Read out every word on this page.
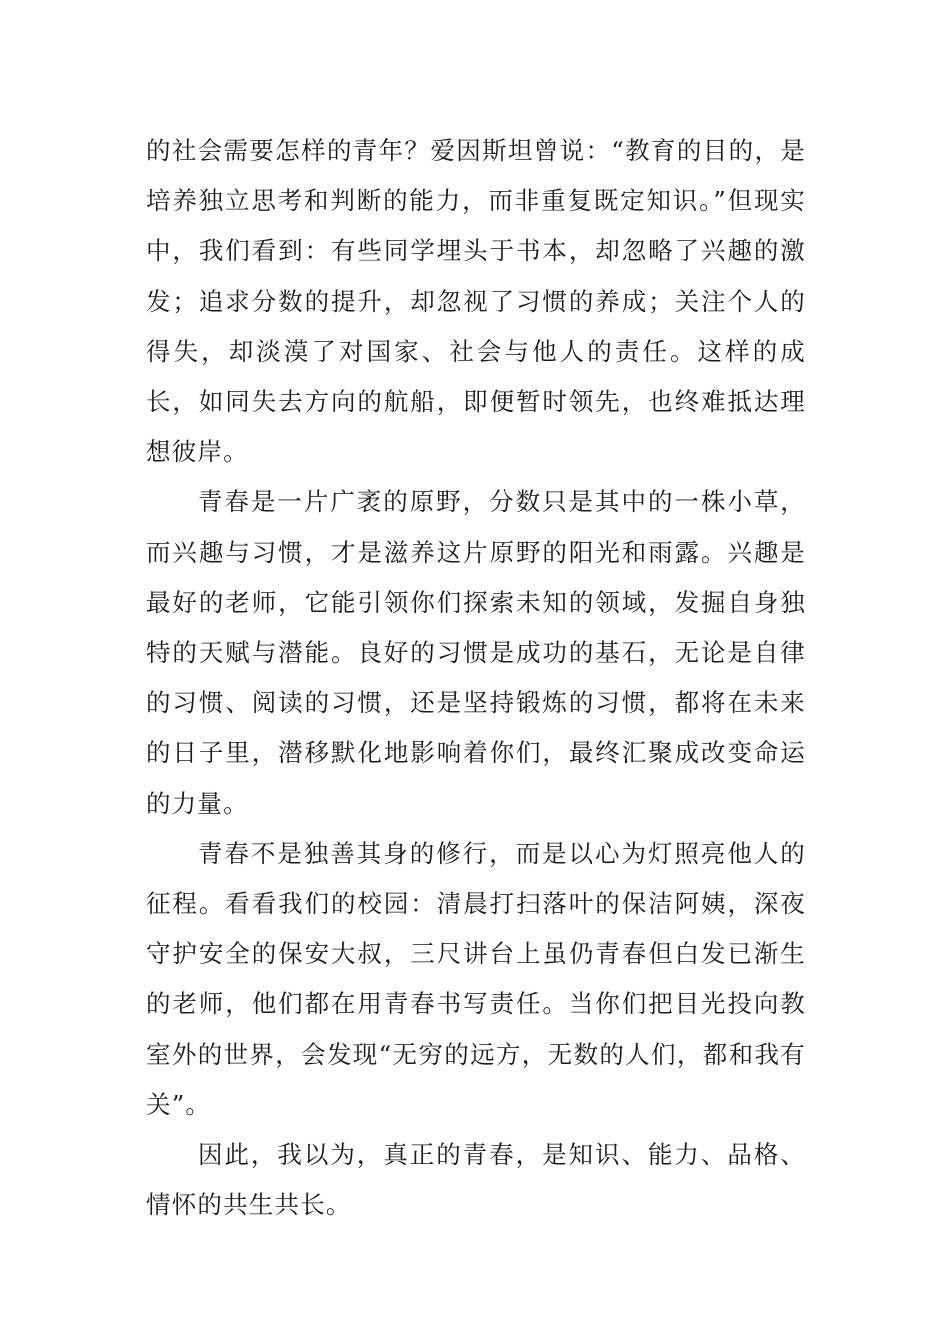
的社会需要怎样的青年？爱因斯坦曾说：“教育的目的，是培养独立思考和判断的能力，而非重复既定知识。”但现实中，我们看到：有些同学埋头于书本，却忽略了兴趣的激发；追求分数的提升，却忽视了习惯的养成；关注个人的得失，却淡漠了对国家、社会与他人的责任。这样的成长，如同失去方向的航船，即便暂时领先，也终难抵达理想彼岸。

青春是一片广袤的原野，分数只是其中的一株小草，而兴趣与习惯，才是滋养这片原野的阳光和雨露。兴趣是最好的老师，它能引领你们探索未知的领域，发掘自身独特的天赋与潜能。良好的习惯是成功的基石，无论是自律的习惯、阅读的习惯，还是坚持锻炼的习惯，都将在未来的日子里，潜移默化地影响着你们，最终汇聚成改变命运的力量。

青春不是独善其身的修行，而是以心为灯照亮他人的征程。看看我们的校园：清晨打扫落叶的保洁阿姨，深夜守护安全的保安大叔，三尺讲台上虽仍青春但白发已渐生的老师，他们都在用青春书写责任。当你们把目光投向教室外的世界，会发现“无穷的远方，无数的人们，都和我有关”。

因此，我以为，真正的青春，是知识、能力、品格、情怀的共生共长。
